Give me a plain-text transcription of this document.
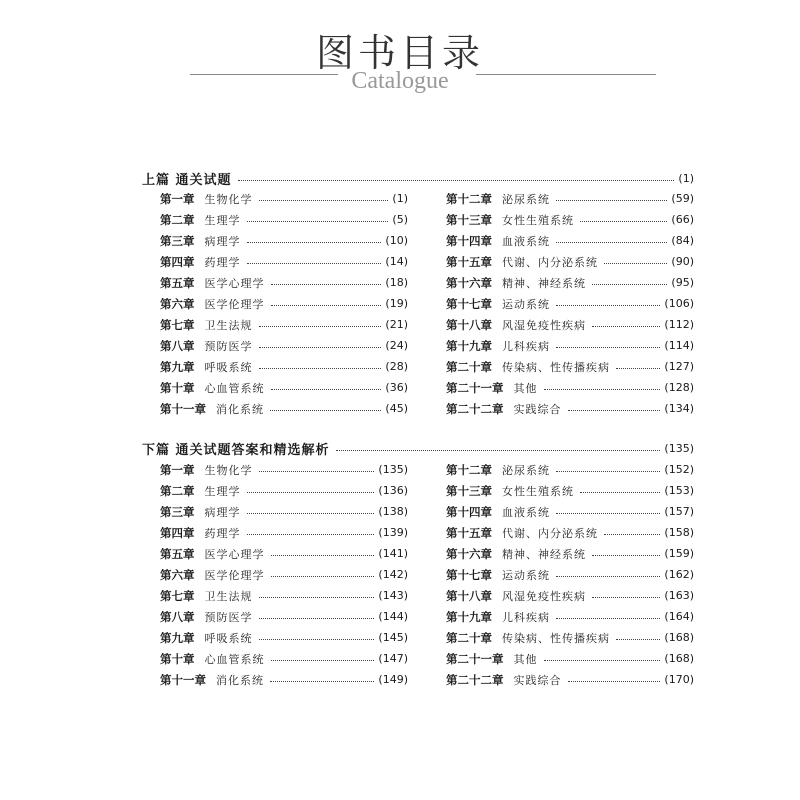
图书目录
Catalogue
上篇 通关试题	(1)
第一章 生物化学	(1)
第二章 生理学	(5)
第三章 病理学	(10)
第四章 药理学	(14)
第五章 医学心理学	(18)
第六章 医学伦理学	(19)
第七章 卫生法规	(21)
第八章 预防医学	(24)
第九章 呼吸系统	(28)
第十章 心血管系统	(36)
第十一章 消化系统	(45)
第十二章 泌尿系统	(59)
第十三章 女性生殖系统	(66)
第十四章 血液系统	(84)
第十五章 代谢、内分泌系统	(90)
第十六章 精神、神经系统	(95)
第十七章 运动系统	(106)
第十八章 风湿免疫性疾病	(112)
第十九章 儿科疾病	(114)
第二十章 传染病、性传播疾病	(127)
第二十一章 其他	(128)
第二十二章 实践综合	(134)
下篇 通关试题答案和精选解析	(135)
第一章 生物化学	(135)
第二章 生理学	(136)
第三章 病理学	(138)
第四章 药理学	(139)
第五章 医学心理学	(141)
第六章 医学伦理学	(142)
第七章 卫生法规	(143)
第八章 预防医学	(144)
第九章 呼吸系统	(145)
第十章 心血管系统	(147)
第十一章 消化系统	(149)
第十二章 泌尿系统	(152)
第十三章 女性生殖系统	(153)
第十四章 血液系统	(157)
第十五章 代谢、内分泌系统	(158)
第十六章 精神、神经系统	(159)
第十七章 运动系统	(162)
第十八章 风湿免疫性疾病	(163)
第十九章 儿科疾病	(164)
第二十章 传染病、性传播疾病	(168)
第二十一章 其他	(168)
第二十二章 实践综合	(170)
